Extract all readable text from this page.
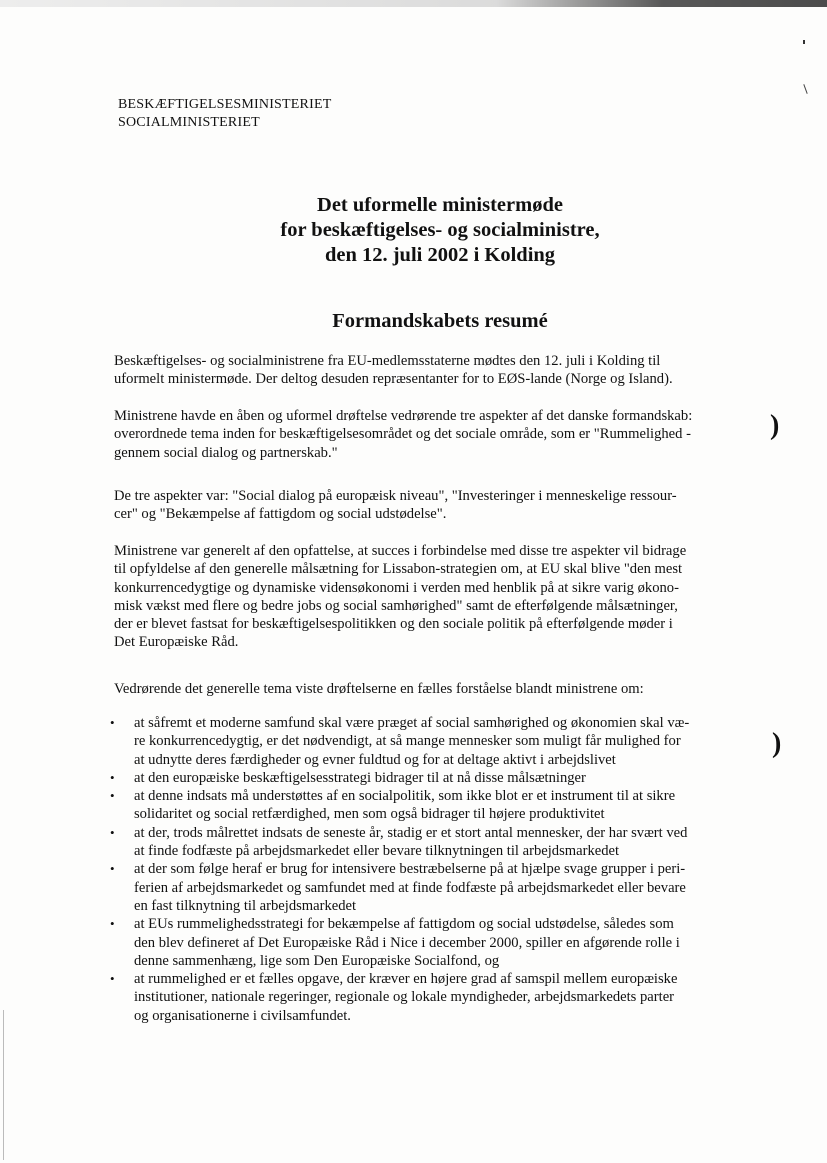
BESKÆFTIGELSESMINISTERIET
SOCIALMINISTERIET
Det uformelle ministermøde
for beskæftigelses- og socialministre,
den 12. juli 2002 i Kolding
Formandskabets resumé
Beskæftigelses- og socialministrene fra EU-medlemsstaterne mødtes den 12. juli i Kolding til
uformelt ministermøde. Der deltog desuden repræsentanter for to EØS-lande (Norge og Island).
Ministrene havde en åben og uformel drøftelse vedrørende tre aspekter af det danske formandskab:
overordnede tema inden for beskæftigelsesområdet og det sociale område, som er "Rummelighed -
gennem social dialog og partnerskab."
De tre aspekter var: "Social dialog på europæisk niveau", "Investeringer i menneskelige ressour-
cer" og "Bekæmpelse af fattigdom og social udstødelse".
Ministrene var generelt af den opfattelse, at succes i forbindelse med disse tre aspekter vil bidrage
til opfyldelse af den generelle målsætning for Lissabon-strategien om, at EU skal blive "den mest
konkurrencedygtige og dynamiske vidensøkonomi i verden med henblik på at sikre varig økono-
misk vækst med flere og bedre jobs og social samhørighed" samt de efterfølgende målsætninger,
der er blevet fastsat for beskæftigelsespolitikken og den sociale politik på efterfølgende møder i
Det Europæiske Råd.
Vedrørende det generelle tema viste drøftelserne en fælles forståelse blandt ministrene om:
• at såfremt et moderne samfund skal være præget af social samhørighed og økonomien skal væ-
re konkurrencedygtig, er det nødvendigt, at så mange mennesker som muligt får mulighed for
at udnytte deres færdigheder og evner fuldtud og for at deltage aktivt i arbejdslivet
• at den europæiske beskæftigelsesstrategi bidrager til at nå disse målsætninger
• at denne indsats må understøttes af en socialpolitik, som ikke blot er et instrument til at sikre
solidaritet og social retfærdighed, men som også bidrager til højere produktivitet
• at der, trods målrettet indsats de seneste år, stadig er et stort antal mennesker, der har svært ved
at finde fodfæste på arbejdsmarkedet eller bevare tilknytningen til arbejdsmarkedet
• at der som følge heraf er brug for intensivere bestræbelserne på at hjælpe svage grupper i peri-
ferien af arbejdsmarkedet og samfundet med at finde fodfæste på arbejdsmarkedet eller bevare
en fast tilknytning til arbejdsmarkedet
• at EUs rummelighedsstrategi for bekæmpelse af fattigdom og social udstødelse, således som
den blev defineret af Det Europæiske Råd i Nice i december 2000, spiller en afgørende rolle i
denne sammenhæng, lige som Den Europæiske Socialfond, og
• at rummelighed er et fælles opgave, der kræver en højere grad af samspil mellem europæiske
institutioner, nationale regeringer, regionale og lokale myndigheder, arbejdsmarkedets parter
og organisationerne i civilsamfundet.
)
)
